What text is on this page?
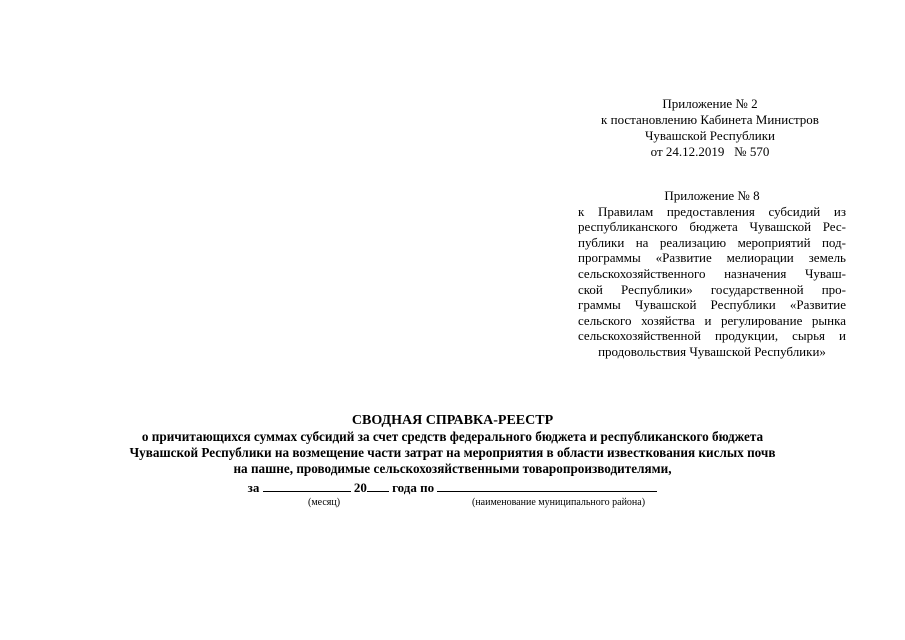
Приложение № 2
к постановлению Кабинета Министров
Чувашской Республики
от 24.12.2019   № 570
Приложение № 8
к Правилам предоставления субсидий из
республиканского бюджета Чувашской Рес-
публики на реализацию мероприятий под-
программы «Развитие мелиорации земель
сельскохозяйственного назначения Чуваш-
ской Республики» государственной про-
граммы Чувашской Республики «Развитие
сельского хозяйства и регулирование рынка
сельскохозяйственной продукции, сырья и
продовольствия Чувашской Республики»
СВОДНАЯ СПРАВКА-РЕЕСТР
о причитающихся суммах субсидий за счет средств федерального бюджета и республиканского бюджета
Чувашской Республики на возмещение части затрат на мероприятия в области известкования кислых почв
на пашне, проводимые сельскохозяйственными товаропроизводителями,
за	20 года по
(месяц)	(наименование муниципального района)
